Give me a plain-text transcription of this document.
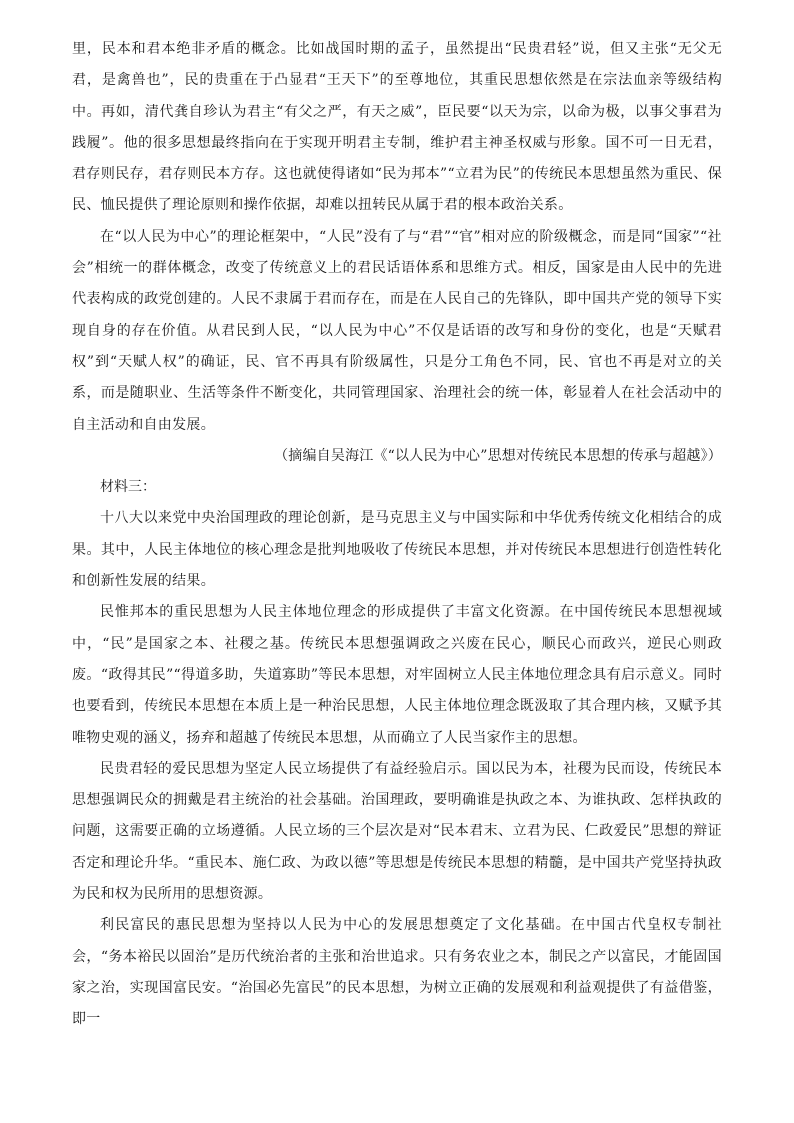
里，民本和君本绝非矛盾的概念。比如战国时期的孟子，虽然提出“民贵君轻”说，但又主张“无父无君，是禽兽也”，民的贵重在于凸显君“王天下”的至尊地位，其重民思想依然是在宗法血亲等级结构中。再如，清代龚自珍认为君主“有父之严，有天之威”，臣民要“以天为宗，以命为极，以事父事君为践履”。他的很多思想最终指向在于实现开明君主专制，维护君主神圣权威与形象。国不可一日无君，君存则民存，君存则民本方存。这也就使得诸如“民为邦本”“立君为民”的传统民本思想虽然为重民、保民、恤民提供了理论原则和操作依据，却难以扭转民从属于君的根本政治关系。

在“以人民为中心”的理论框架中，“人民”没有了与“君”“官”相对应的阶级概念，而是同“国家”“社会”相统一的群体概念，改变了传统意义上的君民话语体系和思维方式。相反，国家是由人民中的先进代表构成的政党创建的。人民不隶属于君而存在，而是在人民自己的先锋队，即中国共产党的领导下实现自身的存在价值。从君民到人民，“以人民为中心”不仅是话语的改写和身份的变化，也是“天赋君权”到“天赋人权”的确证，民、官不再具有阶级属性，只是分工角色不同，民、官也不再是对立的关系，而是随职业、生活等条件不断变化，共同管理国家、治理社会的统一体，彰显着人在社会活动中的自主活动和自由发展。

（摘编自吴海江《“以人民为中心”思想对传统民本思想的传承与超越》）

材料三：

十八大以来党中央治国理政的理论创新，是马克思主义与中国实际和中华优秀传统文化相结合的成果。其中，人民主体地位的核心理念是批判地吸收了传统民本思想，并对传统民本思想进行创造性转化和创新性发展的结果。

民惟邦本的重民思想为人民主体地位理念的形成提供了丰富文化资源。在中国传统民本思想视域中，“民”是国家之本、社稷之基。传统民本思想强调政之兴废在民心，顺民心而政兴，逆民心则政废。“政得其民”“得道多助，失道寡助”等民本思想，对牢固树立人民主体地位理念具有启示意义。同时也要看到，传统民本思想在本质上是一种治民思想，人民主体地位理念既汲取了其合理内核，又赋予其唯物史观的涵义，扬弃和超越了传统民本思想，从而确立了人民当家作主的思想。

民贵君轻的爱民思想为坚定人民立场提供了有益经验启示。国以民为本，社稷为民而设，传统民本思想强调民众的拥戴是君主统治的社会基础。治国理政，要明确谁是执政之本、为谁执政、怎样执政的问题，这需要正确的立场遵循。人民立场的三个层次是对“民本君末、立君为民、仁政爱民”思想的辩证否定和理论升华。“重民本、施仁政、为政以德”等思想是传统民本思想的精髓，是中国共产党坚持执政为民和权为民所用的思想资源。

利民富民的惠民思想为坚持以人民为中心的发展思想奠定了文化基础。在中国古代皇权专制社会，“务本裕民以固治”是历代统治者的主张和治世追求。只有务农业之本，制民之产以富民，才能固国家之治，实现国富民安。“治国必先富民”的民本思想，为树立正确的发展观和利益观提供了有益借鉴，即一
